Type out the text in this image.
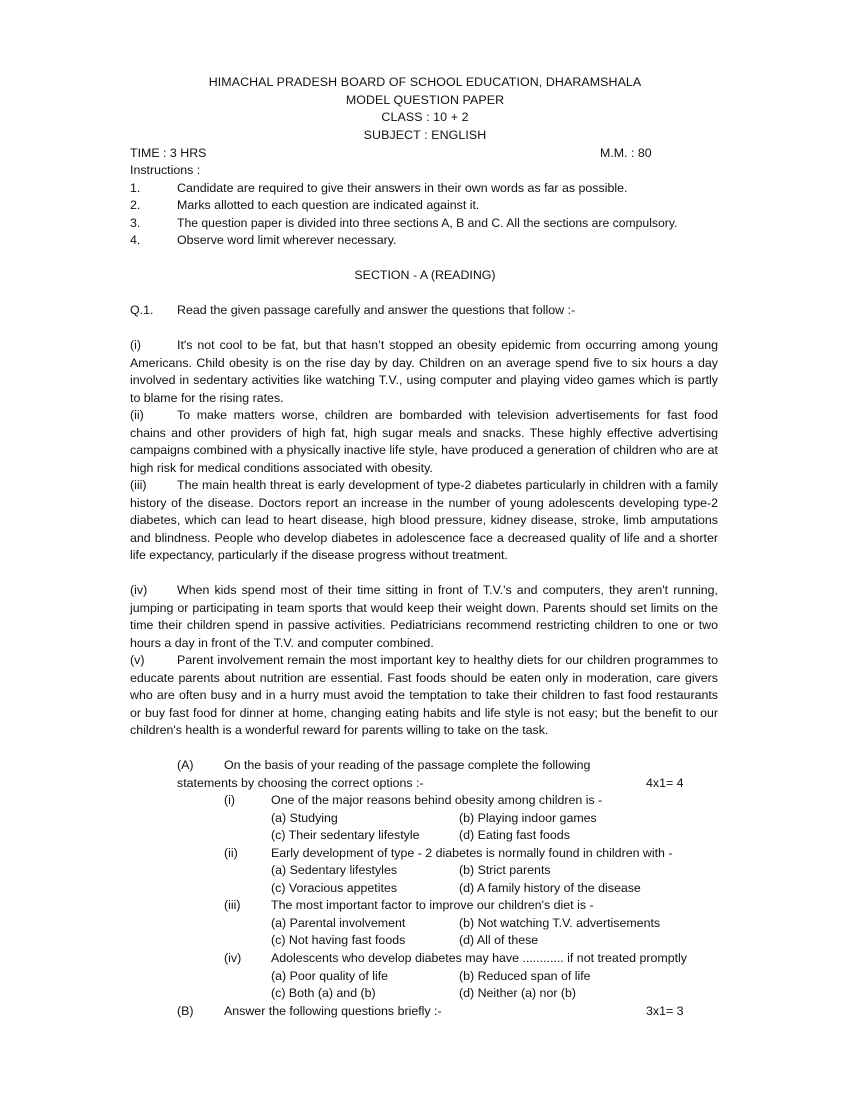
HIMACHAL PRADESH BOARD OF SCHOOL EDUCATION, DHARAMSHALA
MODEL QUESTION PAPER
CLASS : 10 + 2
SUBJECT : ENGLISH
TIME : 3 HRS	M.M. : 80
Instructions :
1.	Candidate are required to give their answers in their own words as far as possible.
2.	Marks allotted to each question are indicated against it.
3.	The question paper is divided into three sections A, B and C. All the sections are compulsory.
4.	Observe word limit wherever necessary.
SECTION - A (READING)
Q.1. Read the given passage carefully and answer the questions that follow :-
(i)	It's not cool to be fat, but that hasn’t stopped an obesity epidemic from occurring among young Americans. Child obesity is on the rise day by day. Children on an average spend five to six hours a day involved in sedentary activities like watching T.V., using computer and playing video games which is partly to blame for the rising rates.
(ii)	To make matters worse, children are bombarded with television advertisements for fast food chains and other providers of high fat, high sugar meals and snacks. These highly effective advertising campaigns combined with a physically inactive life style, have produced a generation of children who are at high risk for medical conditions associated with obesity.
(iii) The main health threat is early development of type-2 diabetes particularly in children with a family history of the disease. Doctors report an increase in the number of young adolescents developing type-2 diabetes, which can lead to heart disease, high blood pressure, kidney disease, stroke, limb amputations and blindness. People who develop diabetes in adolescence face a decreased quality of life and a shorter life expectancy, particularly if the disease progress without treatment.
(iv) When kids spend most of their time sitting in front of T.V.'s and computers, they aren't running, jumping or participating in team sports that would keep their weight down. Parents should set limits on the time their children spend in passive activities. Pediatricians recommend restricting children to one or two hours a day in front of the T.V. and computer combined.
(v)	Parent involvement remain the most important key to healthy diets for our children programmes to educate parents about nutrition are essential. Fast foods should be eaten only in moderation, care givers who are often busy and in a hurry must avoid the temptation to take their children to fast food restaurants or buy fast food for dinner at home, changing eating habits and life style is not easy; but the benefit to our children's health is a wonderful reward for parents willing to take on the task.
(A) On the basis of your reading of the passage complete the following
statements by choosing the correct options :-	4x1= 4
(i)	One of the major reasons behind obesity among children is -
(a) Studying	(b) Playing indoor games
(c) Their sedentary lifestyle	(d) Eating fast foods
(ii)	Early development of type - 2 diabetes is normally found in children with -
(a) Sedentary lifestyles	(b) Strict parents
(c) Voracious appetites	(d) A family history of the disease
(iii) The most important factor to improve our children's diet is -
(a) Parental involvement	(b) Not watching T.V. advertisements
(c) Not having fast foods	(d) All of these
(iv) Adolescents who develop diabetes may have ............ if not treated promptly
(a) Poor quality of life	(b) Reduced span of life
(c) Both (a) and (b)	(d) Neither (a) nor (b)
(B) Answer the following questions briefly :-	3x1= 3
